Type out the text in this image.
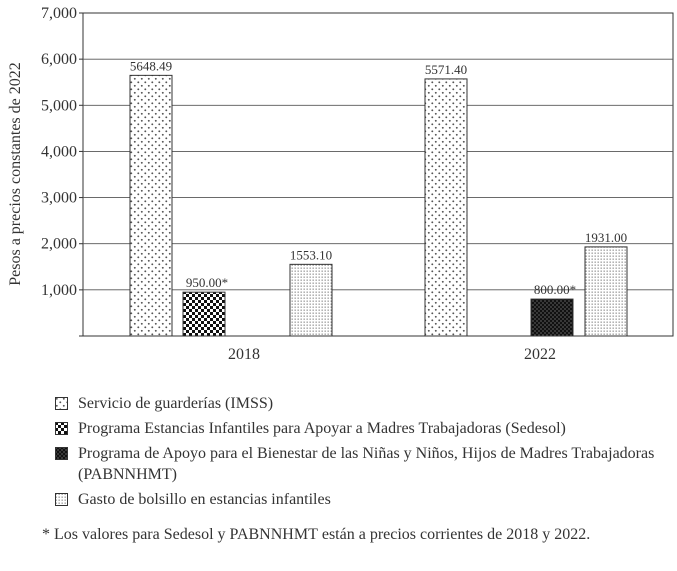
1,000
2,000
3,000
4,000
5,000
6,000
7,000
5648.49
950.00*
1553.10
5571.40
800.00*
1931.00
2018	2022
Pesos a precios constantes de 2022
Servicio de guarderías (IMSS)
Programa Estancias Infantiles para Apoyar a Madres Trabajadoras (Sedesol)
Programa de Apoyo para el Bienestar de las Niñas y Niños, Hijos de Madres Trabajadoras (PABNNHMT)
Gasto de bolsillo en estancias infantiles
* Los valores para Sedesol y PABNNHMT están a precios corrientes de 2018 y 2022.
